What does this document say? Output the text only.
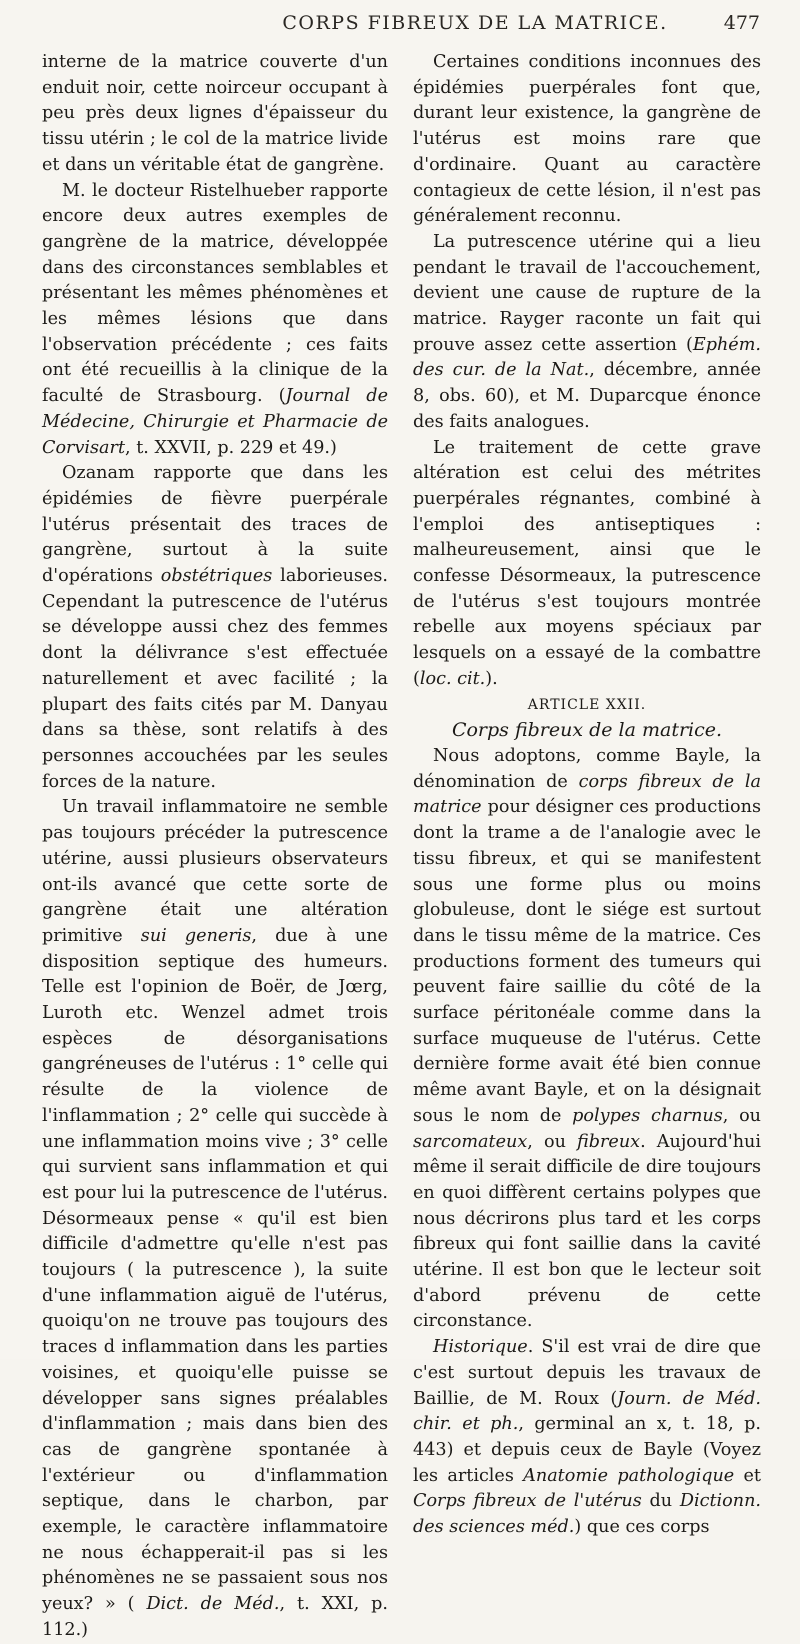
CORPS FIBREUX DE LA MATRICE.	477

interne de la matrice couverte d'un enduit noir, cette noirceur occupant à peu près deux lignes d'épaisseur du tissu utérin ; le col de la matrice livide et dans un véritable état de gangrène.

M. le docteur Ristelhueber rapporte encore deux autres exemples de gangrène de la matrice, développée dans des circonstances semblables et présentant les mêmes phénomènes et les mêmes lésions que dans l'observation précédente ; ces faits ont été recueillis à la clinique de la faculté de Strasbourg. (Journal de Médecine, Chirurgie et Pharmacie de Corvisart, t. XXVII, p. 229 et 49.)

Ozanam rapporte que dans les épidémies de fièvre puerpérale l'utérus présentait des traces de gangrène, surtout à la suite d'opérations obstétriques laborieuses. Cependant la putrescence de l'utérus se développe aussi chez des femmes dont la délivrance s'est effectuée naturellement et avec facilité ; la plupart des faits cités par M. Danyau dans sa thèse, sont relatifs à des personnes accouchées par les seules forces de la nature.

Un travail inflammatoire ne semble pas toujours précéder la putrescence utérine, aussi plusieurs observateurs ont-ils avancé que cette sorte de gangrène était une altération primitive sui generis, due à une disposition septique des humeurs. Telle est l'opinion de Boër, de Jœrg, Luroth etc. Wenzel admet trois espèces de désorganisations gangréneuses de l'utérus : 1° celle qui résulte de la violence de l'inflammation ; 2° celle qui succède à une inflammation moins vive ; 3° celle qui survient sans inflammation et qui est pour lui la putrescence de l'utérus. Désormeaux pense « qu'il est bien difficile d'admettre qu'elle n'est pas toujours ( la putrescence ), la suite d'une inflammation aiguë de l'utérus, quoiqu'on ne trouve pas toujours des traces d inflammation dans les parties voisines, et quoiqu'elle puisse se développer sans signes préalables d'inflammation ; mais dans bien des cas de gangrène spontanée à l'extérieur ou d'inflammation septique, dans le charbon, par exemple, le caractère inflammatoire ne nous échapperait-il pas si les phénomènes ne se passaient sous nos yeux? » ( Dict. de Méd., t. XXI, p. 112.)

Certaines conditions inconnues des épidémies puerpérales font que, durant leur existence, la gangrène de l'utérus est moins rare que d'ordinaire. Quant au caractère contagieux de cette lésion, il n'est pas généralement reconnu.

La putrescence utérine qui a lieu pendant le travail de l'accouchement, devient une cause de rupture de la matrice. Rayger raconte un fait qui prouve assez cette assertion (Ephém. des cur. de la Nat., décembre, année 8, obs. 60), et M. Duparcque énonce des faits analogues.

Le traitement de cette grave altération est celui des métrites puerpérales régnantes, combiné à l'emploi des antiseptiques : malheureusement, ainsi que le confesse Désormeaux, la putrescence de l'utérus s'est toujours montrée rebelle aux moyens spéciaux par lesquels on a essayé de la combattre (loc. cit.).

ARTICLE XXII.

Corps fibreux de la matrice.

Nous adoptons, comme Bayle, la dénomination de corps fibreux de la matrice pour désigner ces productions dont la trame a de l'analogie avec le tissu fibreux, et qui se manifestent sous une forme plus ou moins globuleuse, dont le siége est surtout dans le tissu même de la matrice. Ces productions forment des tumeurs qui peuvent faire saillie du côté de la surface péritonéale comme dans la surface muqueuse de l'utérus. Cette dernière forme avait été bien connue même avant Bayle, et on la désignait sous le nom de polypes charnus, ou sarcomateux, ou fibreux. Aujourd'hui même il serait difficile de dire toujours en quoi diffèrent certains polypes que nous décrirons plus tard et les corps fibreux qui font saillie dans la cavité utérine. Il est bon que le lecteur soit d'abord prévenu de cette circonstance.

Historique. S'il est vrai de dire que c'est surtout depuis les travaux de Baillie, de M. Roux (Journ. de Méd. chir. et ph., germinal an x, t. 18, p. 443) et depuis ceux de Bayle (Voyez les articles Anatomie pathologique et Corps fibreux de l'utérus du Dictionn. des sciences méd.) que ces corps
